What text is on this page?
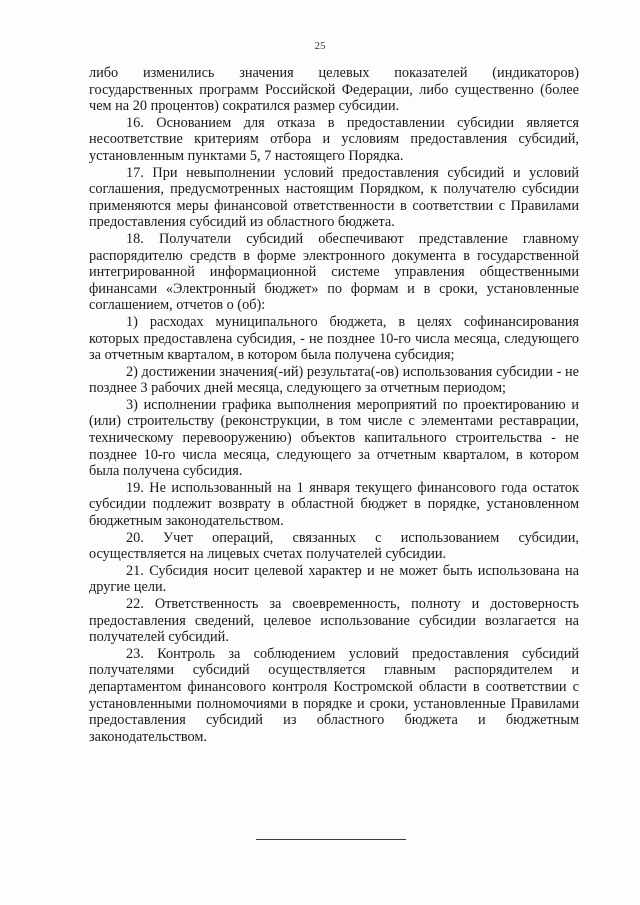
25

либо изменились значения целевых показателей (индикаторов) государственных программ Российской Федерации, либо существенно (более чем на 20 процентов) сократился размер субсидии.

16. Основанием для отказа в предоставлении субсидии является несоответствие критериям отбора и условиям предоставления субсидий, установленным пунктами 5, 7 настоящего Порядка.

17. При невыполнении условий предоставления субсидий и условий соглашения, предусмотренных настоящим Порядком, к получателю субсидии применяются меры финансовой ответственности в соответствии с Правилами предоставления субсидий из областного бюджета.

18. Получатели субсидий обеспечивают представление главному распорядителю средств в форме электронного документа в государственной интегрированной информационной системе управления общественными финансами «Электронный бюджет» по формам и в сроки, установленные соглашением, отчетов о (об):

1) расходах муниципального бюджета, в целях софинансирования которых предоставлена субсидия, - не позднее 10-го числа месяца, следующего за отчетным кварталом, в котором была получена субсидия;

2) достижении значения(-ий) результата(-ов) использования субсидии - не позднее 3 рабочих дней месяца, следующего за отчетным периодом;

3) исполнении графика выполнения мероприятий по проектированию и (или) строительству (реконструкции, в том числе с элементами реставрации, техническому перевооружению) объектов капитального строительства - не позднее 10-го числа месяца, следующего за отчетным кварталом, в котором была получена субсидия.

19. Не использованный на 1 января текущего финансового года остаток субсидии подлежит возврату в областной бюджет в порядке, установленном бюджетным законодательством.

20. Учет операций, связанных с использованием субсидии, осуществляется на лицевых счетах получателей субсидии.

21. Субсидия носит целевой характер и не может быть использована на другие цели.

22. Ответственность за своевременность, полноту и достоверность предоставления сведений, целевое использование субсидии возлагается на получателей субсидий.

23. Контроль за соблюдением условий предоставления субсидий получателями субсидий осуществляется главным распорядителем и департаментом финансового контроля Костромской области в соответствии с установленными полномочиями в порядке и сроки, установленные Правилами предоставления субсидий из областного бюджета и бюджетным законодательством.
